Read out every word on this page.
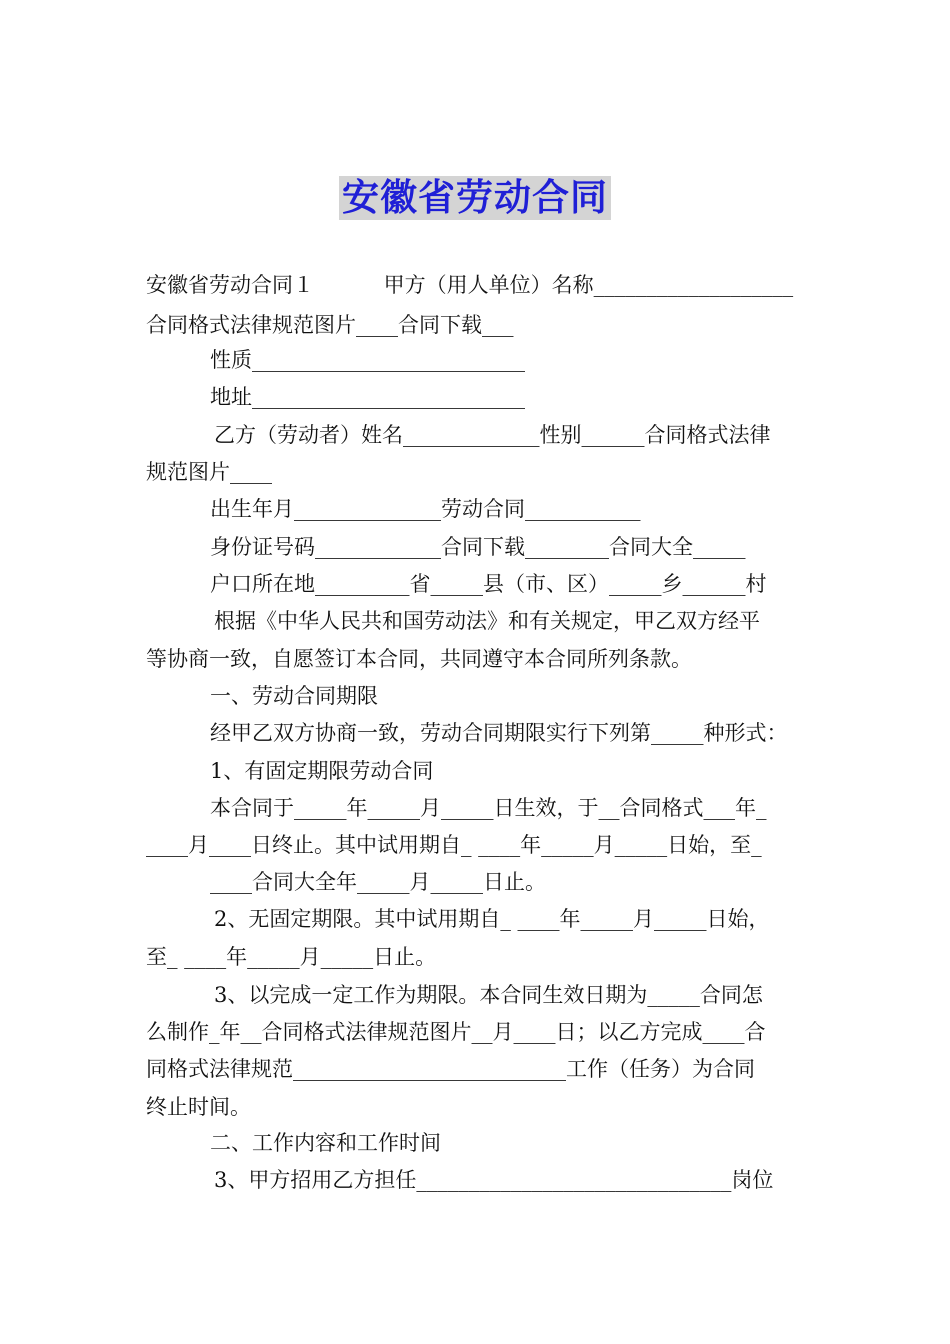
安徽省劳动合同
安徽省劳动合同１　　　 甲方（用人单位）名称___________________
合同格式法律规范图片____合同下载___
性质__________________________
地址__________________________
乙方（劳动者）姓名_____________性别______合同格式法律
规范图片____
出生年月______________劳动合同___________
身份证号码____________合同下载________合同大全_____
户口所在地_________省_____县（市、区）_____乡______村
根据《中华人民共和国劳动法》和有关规定，甲乙双方经平
等协商一致，自愿签订本合同，共同遵守本合同所列条款。
一、劳动合同期限
经甲乙双方协商一致，劳动合同期限实行下列第_____种形式：
1、有固定期限劳动合同
本合同于_____年_____月_____日生效，于__合同格式___年_
____月____日终止。其中试用期自_ ____年_____月_____日始，至_
____合同大全年_____月_____日止。
2、无固定期限。其中试用期自_ ____年_____月_____日始，
至_ ____年_____月_____日止。
3、以完成一定工作为期限。本合同生效日期为_____合同怎
么制作_年__合同格式法律规范图片__月____日；以乙方完成____合
同格式法律规范__________________________工作（任务）为合同
终止时间。
二、工作内容和工作时间
3、甲方招用乙方担任______________________________岗位
